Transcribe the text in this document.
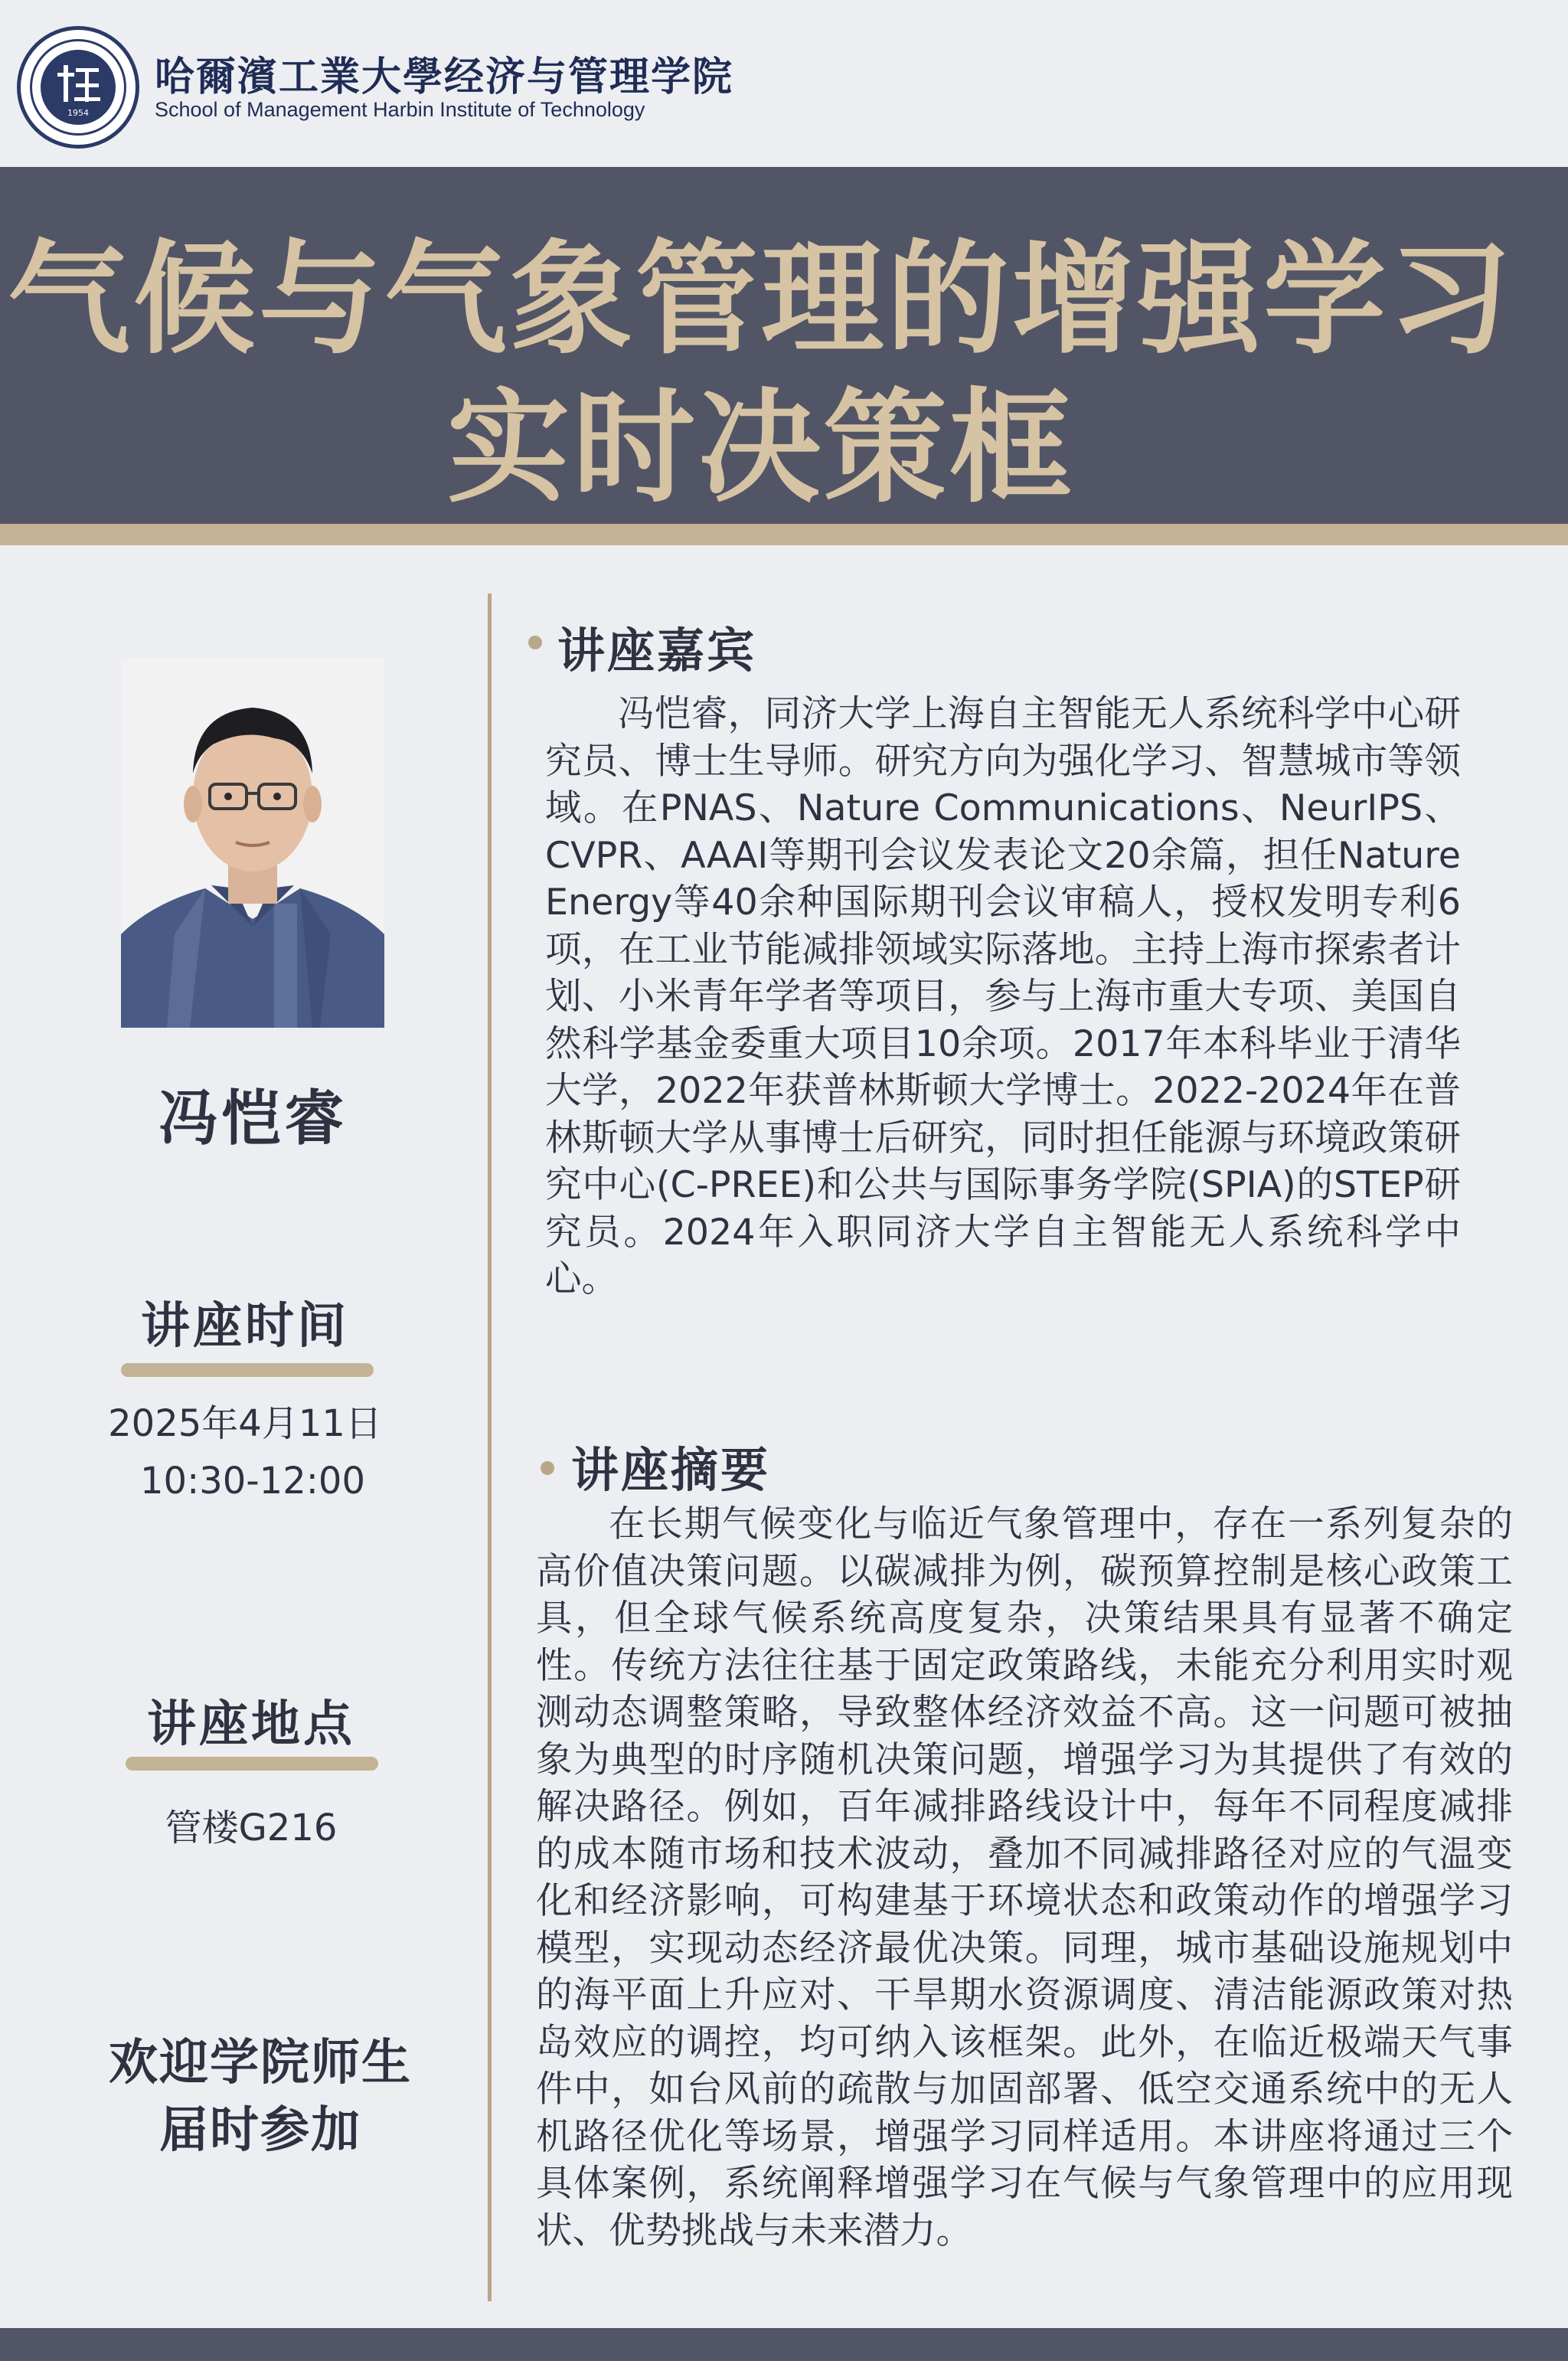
1954
哈爾濱工業大學经济与管理学院
School of Management Harbin Institute of Technology
气候与气象管理的增强学习
实时决策框
冯恺睿
讲座时间
2025年4月11日
10:30-12:00
讲座地点
管楼G216
欢迎学院师生
届时参加
讲座嘉宾
冯恺睿，同济大学上海自主智能无人系统科学中心研究员、博士生导师。研究方向为强化学习、智慧城市等领域。在PNAS、Nature Communications、NeurIPS、CVPR、AAAI等期刊会议发表论文20余篇，担任Nature Energy等40余种国际期刊会议审稿人，授权发明专利6项，在工业节能减排领域实际落地。主持上海市探索者计划、小米青年学者等项目，参与上海市重大专项、美国自然科学基金委重大项目10余项。2017年本科毕业于清华大学，2022年获普林斯顿大学博士。2022-2024年在普林斯顿大学从事博士后研究，同时担任能源与环境政策研究中心(C-PREE)和公共与国际事务学院(SPIA)的STEP研究员。2024年入职同济大学自主智能无人系统科学中心。
讲座摘要
在长期气候变化与临近气象管理中，存在一系列复杂的高价值决策问题。以碳减排为例，碳预算控制是核心政策工具，但全球气候系统高度复杂，决策结果具有显著不确定性。传统方法往往基于固定政策路线，未能充分利用实时观测动态调整策略，导致整体经济效益不高。这一问题可被抽象为典型的时序随机决策问题，增强学习为其提供了有效的解决路径。例如，百年减排路线设计中，每年不同程度减排的成本随市场和技术波动，叠加不同减排路径对应的气温变化和经济影响，可构建基于环境状态和政策动作的增强学习模型，实现动态经济最优决策。同理，城市基础设施规划中的海平面上升应对、干旱期水资源调度、清洁能源政策对热岛效应的调控，均可纳入该框架。此外，在临近极端天气事件中，如台风前的疏散与加固部署、低空交通系统中的无人机路径优化等场景，增强学习同样适用。本讲座将通过三个具体案例，系统阐释增强学习在气候与气象管理中的应用现状、优势挑战与未来潜力。
